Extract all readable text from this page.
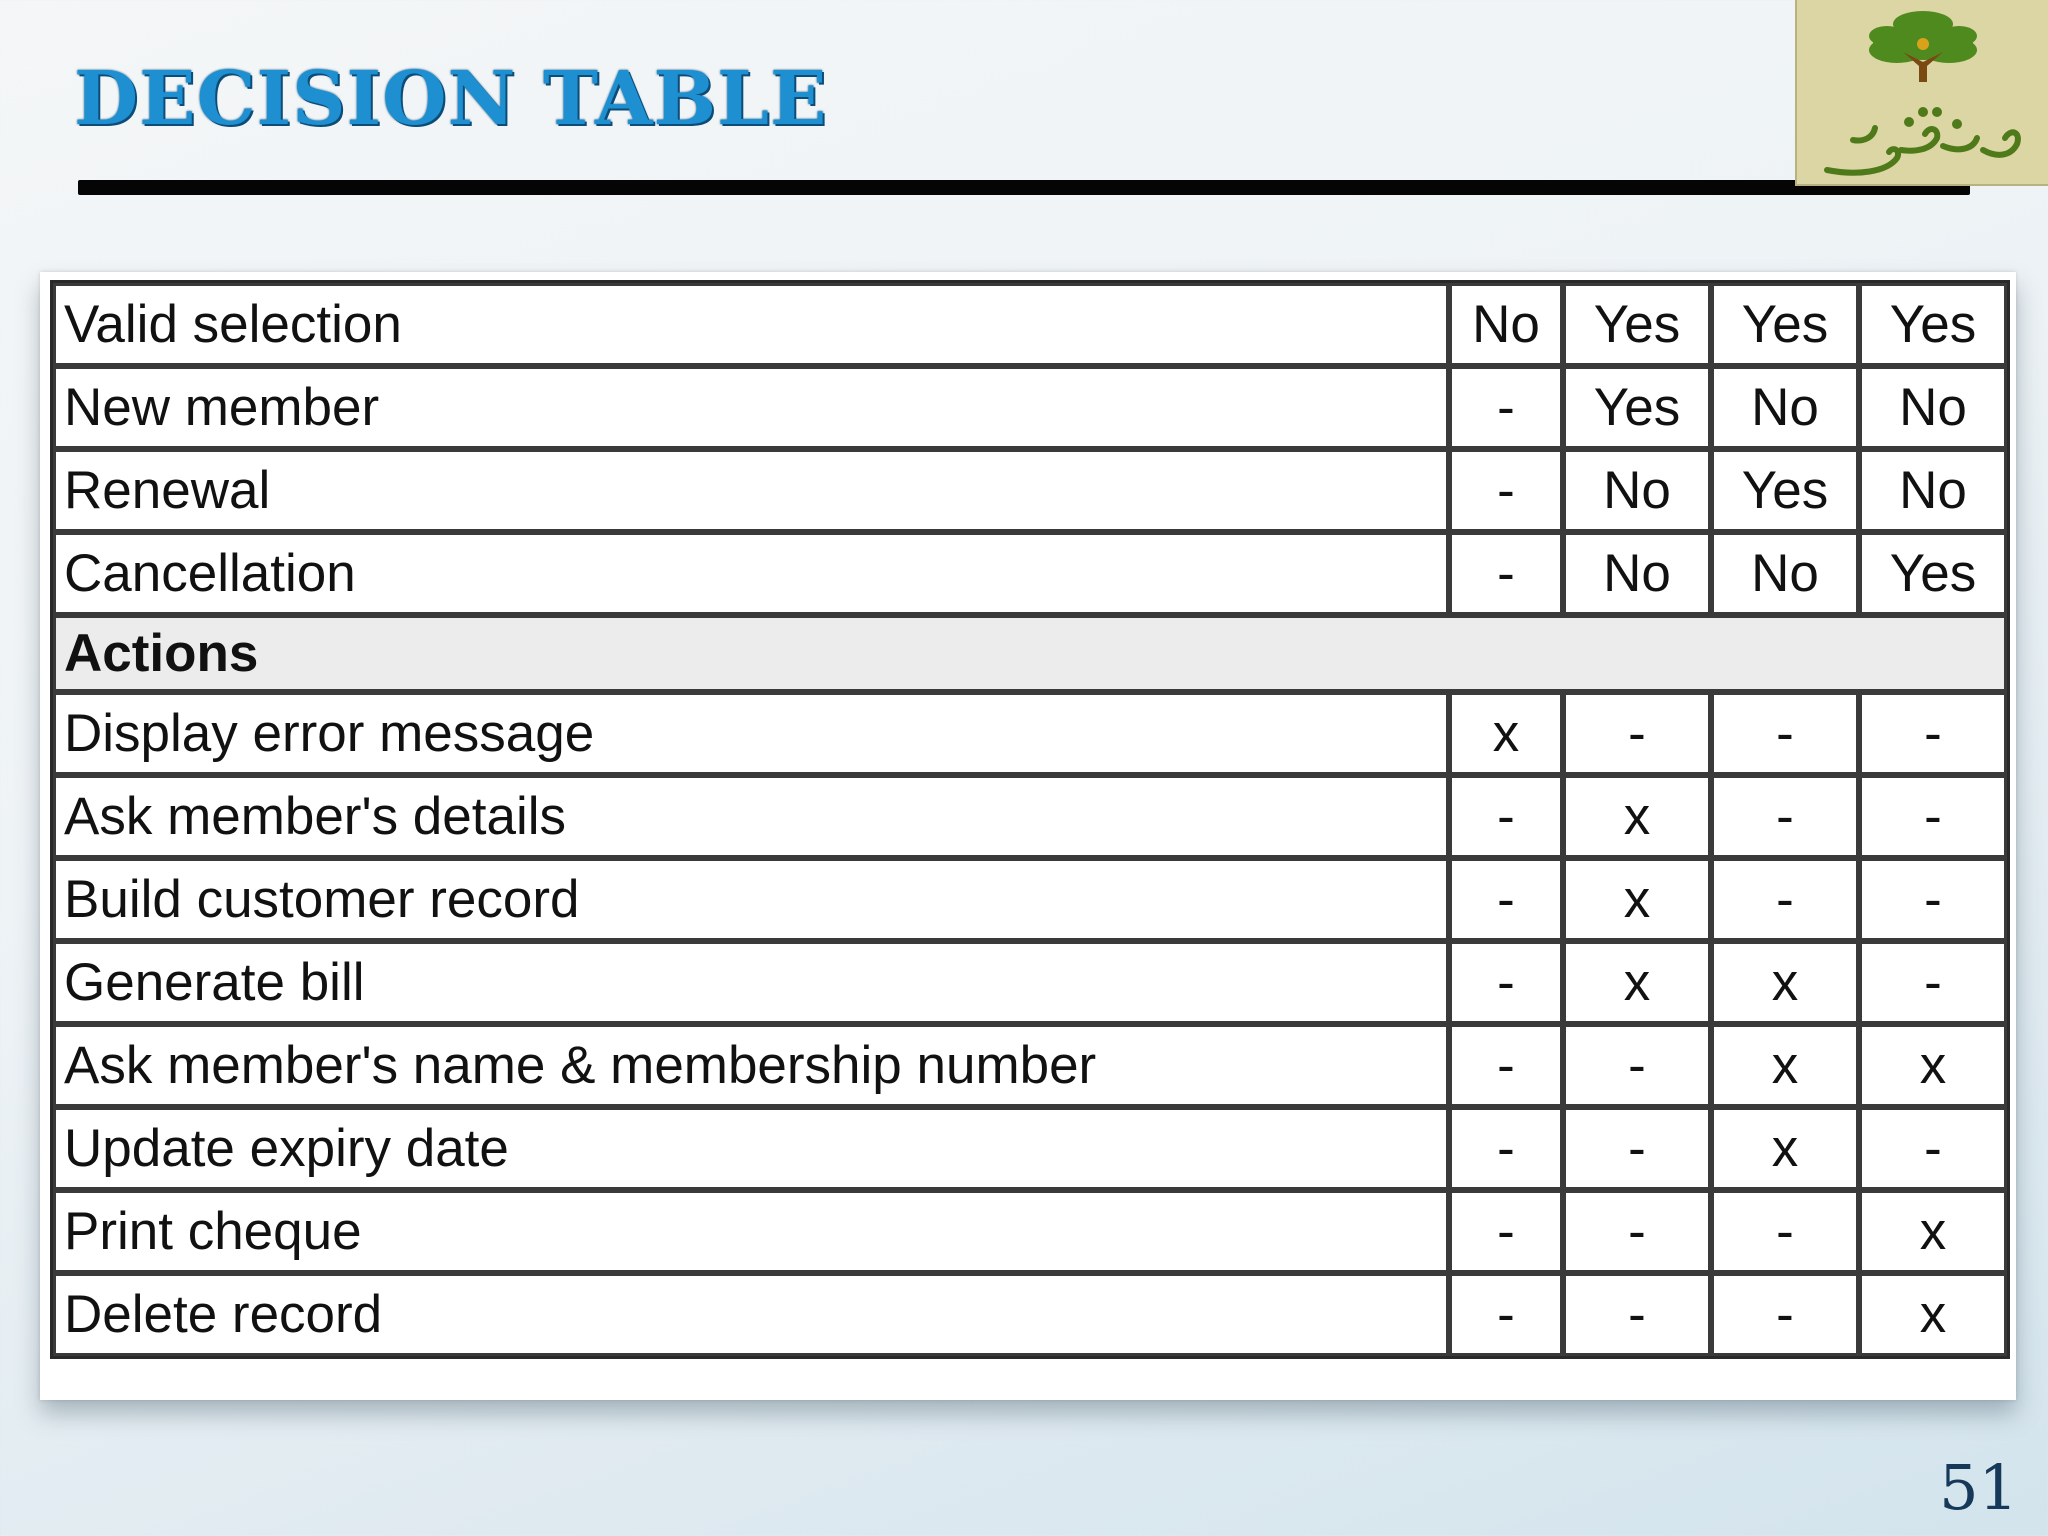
DECISION TABLE
Valid selection	No	Yes	Yes	Yes
New member	-	Yes	No	No
Renewal	-	No	Yes	No
Cancellation	-	No	No	Yes
Actions				
Display error message	x	-	-	-
Ask member's details	-	x	-	-
Build customer record	-	x	-	-
Generate bill	-	x	x	-
Ask member's name & membership number	-	-	x	x
Update expiry date	-	-	x	-
Print cheque	-	-	-	x
Delete record	-	-	-	x
51
